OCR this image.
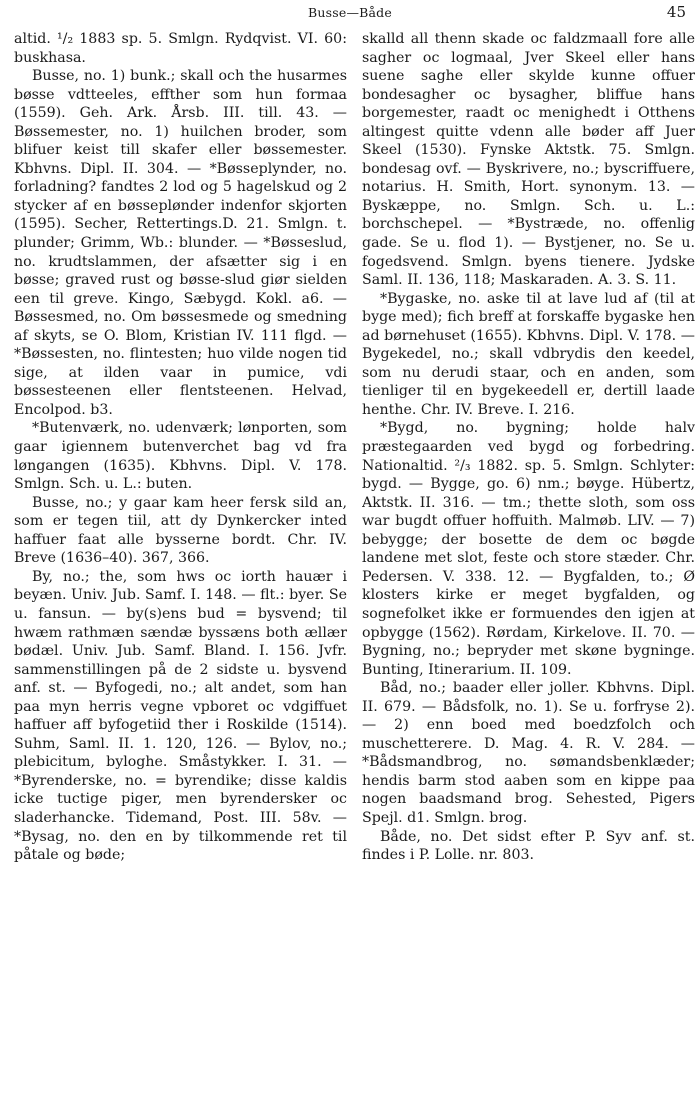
Busse—Både	45

altid. ¹/₂ 1883 sp. 5. Smlgn. Rydqvist. VI. 60: buskhasa.

Busse, no. 1) bunk.; skall och the husarmes bøsse vdtteeles, effther som hun formaa (1559). Geh. Ark. Årsb. III. till. 43. — Bøssemester, no. 1) huilchen broder, som blifuer keist till skafer eller bøssemester. Kbhvns. Dipl. II. 304. — *Bøsseplynder, no. forladning? fandtes 2 lod og 5 hagelskud og 2 stycker af en bøsseplønder indenfor skjorten (1595). Secher, Rettertings.D. 21. Smlgn. t. plunder; Grimm, Wb.: blunder. — *Bøsseslud, no. krudtslammen, der afsætter sig i en bøsse; graved rust og bøsse-slud giør sielden een til greve. Kingo, Sæbygd. Kokl. a6. — Bøssesmed, no. Om bøssesmede og smedning af skyts, se O. Blom, Kristian IV. 111 flgd. — *Bøssesten, no. flintesten; huo vilde nogen tid sige, at ilden vaar in pumice, vdi bøssesteenen eller flentsteenen. Helvad, Encolpod. b3.

*Butenværk, no. udenværk; lønporten, som gaar igiennem butenverchet bag vd fra løngangen (1635). Kbhvns. Dipl. V. 178. Smlgn. Sch. u. L.: buten.

Busse, no.; y gaar kam heer fersk sild an, som er tegen tiil, att dy Dynkercker inted haffuer faat alle bysserne bordt. Chr. IV. Breve (1636–40). 367, 366.

By, no.; the, som hws oc iorth hauær i beyæn. Univ. Jub. Samf. I. 148. — flt.: byer. Se u. fansun. — by(s)ens bud = bysvend; til hwæm rathmæn sændæ byssæns both ællær bødæl. Univ. Jub. Samf. Bland. I. 156. Jvfr. sammenstillingen på de 2 sidste u. bysvend anf. st. — Byfogedi, no.; alt andet, som han paa myn herris vegne vpboret oc vdgiffuet haffuer aff byfogetiid ther i Roskilde (1514). Suhm, Saml. II. 1. 120, 126. — Bylov, no.; plebicitum, byloghe. Småstykker. I. 31. — *Byrenderske, no. = byrendike; disse kaldis icke tuctige piger, men byrendersker oc sladerhancke. Tidemand, Post. III. 58v. — *Bysag, no. den en by tilkommende ret til påtale og bøde;

skalld all thenn skade oc faldzmaall fore alle sagher oc logmaal, Jver Skeel eller hans suene saghe eller skylde kunne offuer bondesagher oc bysagher, bliffue hans borgemester, raadt oc menighedt i Otthens altingest quitte vdenn alle bøder aff Juer Skeel (1530). Fynske Aktstk. 75. Smlgn. bondesag ovf. — Byskrivere, no.; byscriffuere, notarius. H. Smith, Hort. synonym. 13. — Byskæppe, no. Smlgn. Sch. u. L.: borchschepel. — *Bystræde, no. offenlig gade. Se u. flod 1). — Bystjener, no. Se u. fogedsvend. Smlgn. byens tienere. Jydske Saml. II. 136, 118; Maskaraden. A. 3. S. 11.

*Bygaske, no. aske til at lave lud af (til at byge med); fich breff at forskaffe bygaske hen ad børnehuset (1655). Kbhvns. Dipl. V. 178. — Bygekedel, no.; skall vdbrydis den keedel, som nu derudi staar, och en anden, som tienliger til en bygekeedell er, dertill laade henthe. Chr. IV. Breve. I. 216.

*Bygd, no. bygning; holde halv præstegaarden ved bygd og forbedring. Nationaltid. ²/₃ 1882. sp. 5. Smlgn. Schlyter: bygd. — Bygge, go. 6) nm.; bøyge. Hübertz, Aktstk. II. 316. — tm.; thette sloth, som oss war bugdt offuer hoffuith. Malmøb. LIV. — 7) bebygge; der bosette de dem oc bøgde landene met slot, feste och store stæder. Chr. Pedersen. V. 338. 12. — Bygfalden, to.; Ø klosters kirke er meget bygfalden, og sognefolket ikke er formuendes den igjen at opbygge (1562). Rørdam, Kirkelove. II. 70. — Bygning, no.; bepryder met skøne bygninge. Bunting, Itinerarium. II. 109.

Båd, no.; baader eller joller. Kbhvns. Dipl. II. 679. — Bådsfolk, no. 1). Se u. forfryse 2). — 2) enn boed med boedzfolch och muschetterere. D. Mag. 4. R. V. 284. — *Bådsmandbrog, no. sømandsbenklæder; hendis barm stod aaben som en kippe paa nogen baadsmand brog. Sehested, Pigers Spejl. d1. Smlgn. brog.

Både, no. Det sidst efter P. Syv anf. st. findes i P. Lolle. nr. 803.
